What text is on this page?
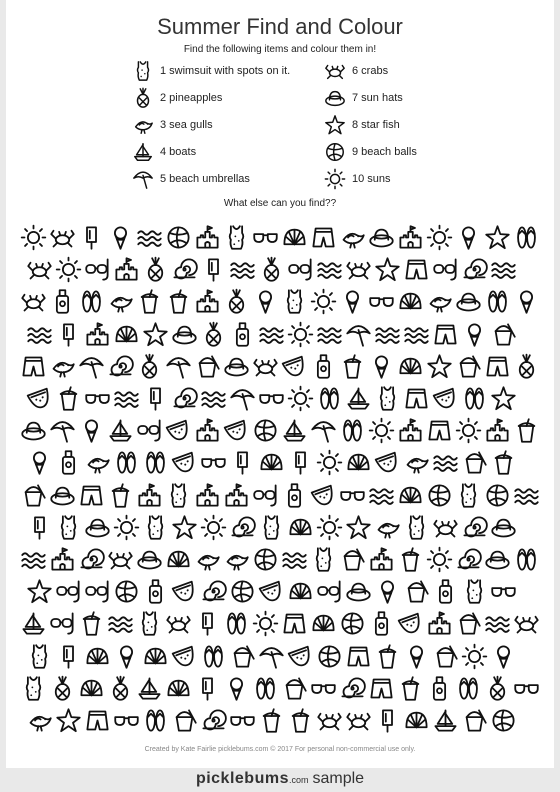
Summer Find and Colour
Find the following items and colour them in!
1 swimsuit with spots on it.
2 pineapples
3 sea gulls
4 boats
5 beach umbrellas
6 crabs
7 sun hats
8 star fish
9 beach balls
10 suns
What else can you find??
Created by Kate Fairlie picklebums.com © 2017 For personal non-commercial use only.
picklebums.com sample
